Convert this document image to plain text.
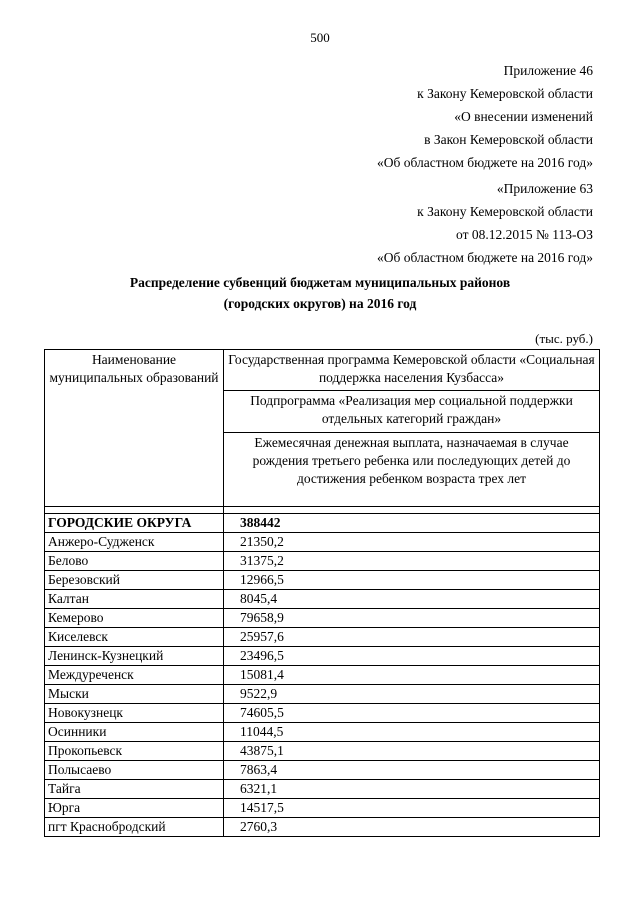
500
Приложение 46
к Закону Кемеровской области
«О внесении изменений
в Закон Кемеровской области
«Об областном бюджете на 2016 год»
«Приложение 63
к Закону Кемеровской области
от 08.12.2015 № 113-ОЗ
«Об областном бюджете на 2016 год»
Распределение субвенций бюджетам муниципальных районов
(городских округов) на 2016 год
(тыс. руб.)
Наименование муниципальных образований	Государственная программа Кемеровской области «Социальная поддержка населения Кузбасса»
	Подпрограмма «Реализация мер социальной поддержки отдельных категорий граждан»
	Ежемесячная денежная выплата, назначаемая в случае рождения третьего ребенка или последующих детей до достижения ребенком возраста трех лет

ГОРОДСКИЕ ОКРУГА	388442
Анжеро-Судженск	21350,2
Белово	31375,2
Березовский	12966,5
Калтан	8045,4
Кемерово	79658,9
Киселевск	25957,6
Ленинск-Кузнецкий	23496,5
Междуреченск	15081,4
Мыски	9522,9
Новокузнецк	74605,5
Осинники	11044,5
Прокопьевск	43875,1
Полысаево	7863,4
Тайга	6321,1
Юрга	14517,5
пгт Краснобродский	2760,3
